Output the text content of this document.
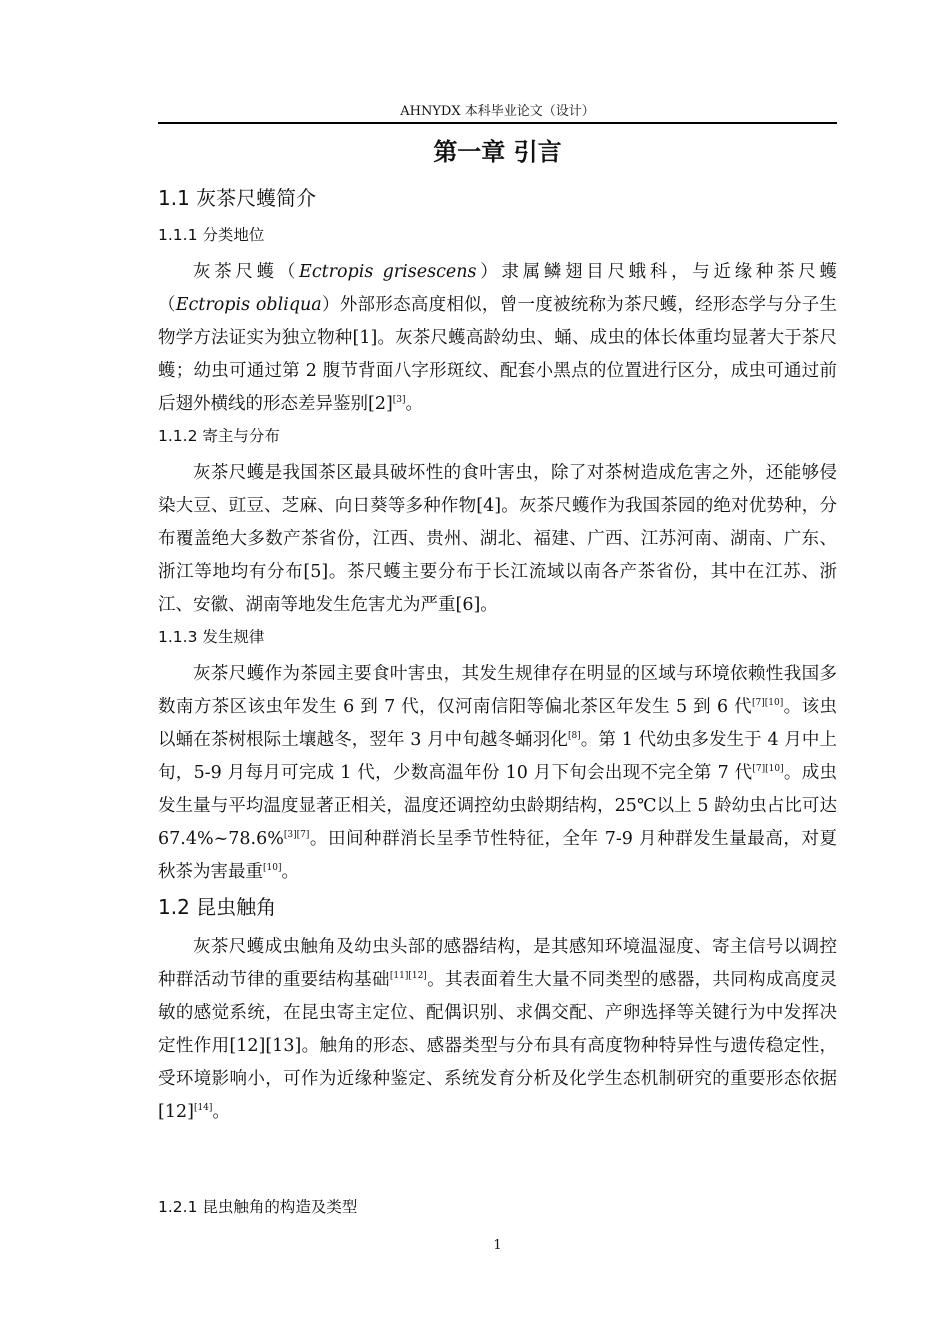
AHNYDX 本科毕业论文（设计）
第一章 引言
1.1 灰茶尺蠖简介
1.1.1 分类地位

灰茶尺蠖（Ectropis grisescens）隶属鳞翅目尺蛾科，与近缘种茶尺蠖（Ectropis obliqua）外部形态高度相似，曾一度被统称为茶尺蠖，经形态学与分子生物学方法证实为独立物种[1]。灰茶尺蠖高龄幼虫、蛹、成虫的体长体重均显著大于茶尺蠖；幼虫可通过第 2 腹节背面八字形斑纹、配套小黑点的位置进行区分，成虫可通过前后翅外横线的形态差异鉴别[2][3]。

1.1.2 寄主与分布

灰茶尺蠖是我国茶区最具破坏性的食叶害虫，除了对茶树造成危害之外，还能够侵染大豆、豇豆、芝麻、向日葵等多种作物[4]。灰茶尺蠖作为我国茶园的绝对优势种，分布覆盖绝大多数产茶省份，江西、贵州、湖北、福建、广西、江苏河南、湖南、广东、浙江等地均有分布[5]。茶尺蠖主要分布于长江流域以南各产茶省份，其中在江苏、浙江、安徽、湖南等地发生危害尤为严重[6]。

1.1.3 发生规律

灰茶尺蠖作为茶园主要食叶害虫，其发生规律存在明显的区域与环境依赖性我国多数南方茶区该虫年发生 6 到 7 代，仅河南信阳等偏北茶区年发生 5 到 6 代[7][10]。该虫以蛹在茶树根际土壤越冬，翌年 3 月中旬越冬蛹羽化[8]。第 1 代幼虫多发生于 4 月中上旬，5-9 月每月可完成 1 代，少数高温年份 10 月下旬会出现不完全第 7 代[7][10]。成虫发生量与平均温度显著正相关，温度还调控幼虫龄期结构，25℃以上 5 龄幼虫占比可达 67.4%~78.6%[3][7]。田间种群消长呈季节性特征，全年 7-9 月种群发生量最高，对夏秋茶为害最重[10]。

1.2 昆虫触角

灰茶尺蠖成虫触角及幼虫头部的感器结构，是其感知环境温湿度、寄主信号以调控种群活动节律的重要结构基础[11][12]。其表面着生大量不同类型的感器，共同构成高度灵敏的感觉系统，在昆虫寄主定位、配偶识别、求偶交配、产卵选择等关键行为中发挥决定性作用[12][13]。触角的形态、感器类型与分布具有高度物种特异性与遗传稳定性，受环境影响小，可作为近缘种鉴定、系统发育分析及化学生态机制研究的重要形态依据[12][14]。

1.2.1 昆虫触角的构造及类型
1
